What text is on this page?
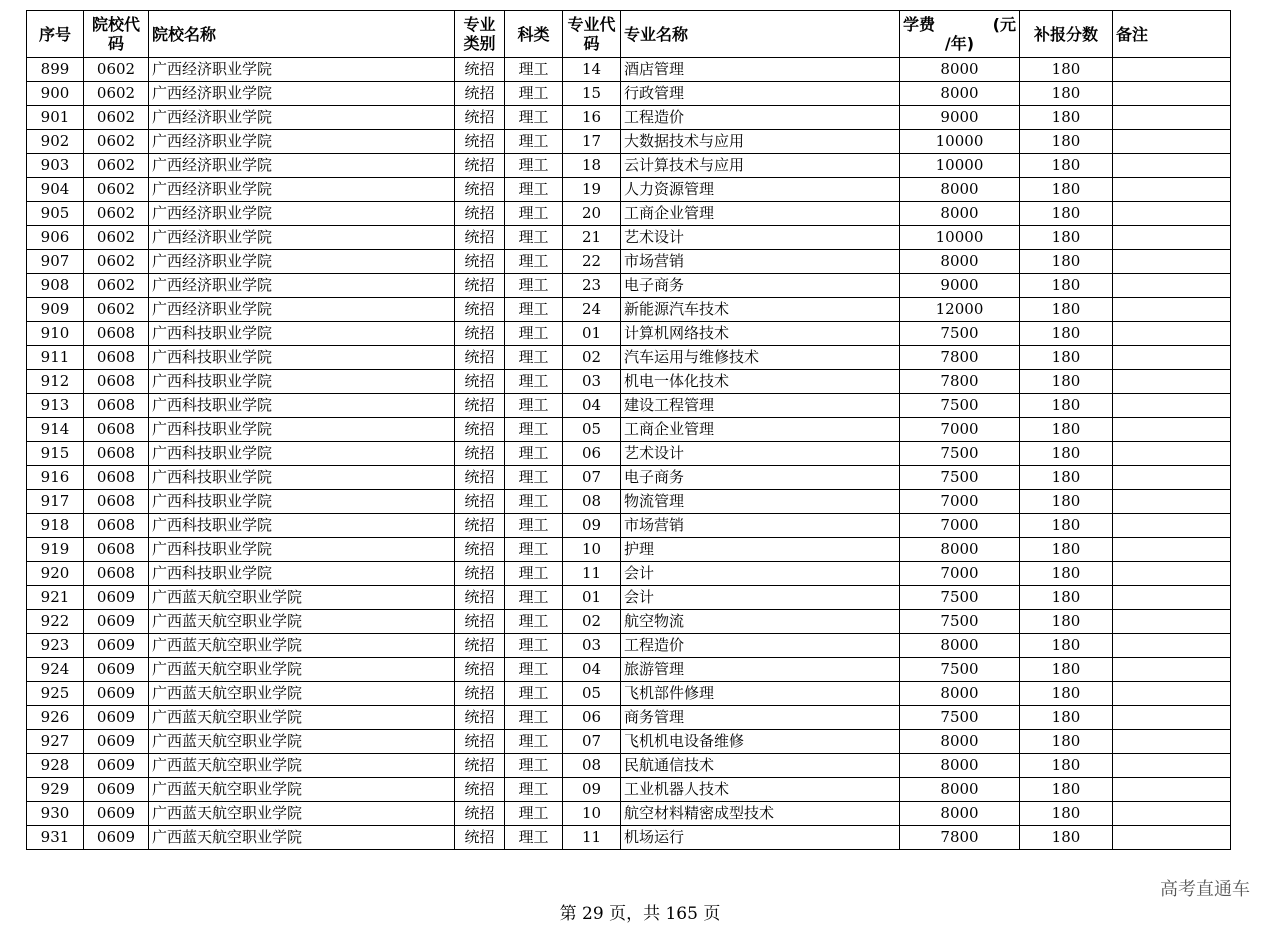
序号	院校代码	院校名称	专业类别	科类	专业代码	专业名称	学费 (元
/年)	补报分数	备注
899	0602	广西经济职业学院	统招	理工	14	酒店管理	8000	180	
900	0602	广西经济职业学院	统招	理工	15	行政管理	8000	180	
901	0602	广西经济职业学院	统招	理工	16	工程造价	9000	180	
902	0602	广西经济职业学院	统招	理工	17	大数据技术与应用	10000	180	
903	0602	广西经济职业学院	统招	理工	18	云计算技术与应用	10000	180	
904	0602	广西经济职业学院	统招	理工	19	人力资源管理	8000	180	
905	0602	广西经济职业学院	统招	理工	20	工商企业管理	8000	180	
906	0602	广西经济职业学院	统招	理工	21	艺术设计	10000	180	
907	0602	广西经济职业学院	统招	理工	22	市场营销	8000	180	
908	0602	广西经济职业学院	统招	理工	23	电子商务	9000	180	
909	0602	广西经济职业学院	统招	理工	24	新能源汽车技术	12000	180	
910	0608	广西科技职业学院	统招	理工	01	计算机网络技术	7500	180	
911	0608	广西科技职业学院	统招	理工	02	汽车运用与维修技术	7800	180	
912	0608	广西科技职业学院	统招	理工	03	机电一体化技术	7800	180	
913	0608	广西科技职业学院	统招	理工	04	建设工程管理	7500	180	
914	0608	广西科技职业学院	统招	理工	05	工商企业管理	7000	180	
915	0608	广西科技职业学院	统招	理工	06	艺术设计	7500	180	
916	0608	广西科技职业学院	统招	理工	07	电子商务	7500	180	
917	0608	广西科技职业学院	统招	理工	08	物流管理	7000	180	
918	0608	广西科技职业学院	统招	理工	09	市场营销	7000	180	
919	0608	广西科技职业学院	统招	理工	10	护理	8000	180	
920	0608	广西科技职业学院	统招	理工	11	会计	7000	180	
921	0609	广西蓝天航空职业学院	统招	理工	01	会计	7500	180	
922	0609	广西蓝天航空职业学院	统招	理工	02	航空物流	7500	180	
923	0609	广西蓝天航空职业学院	统招	理工	03	工程造价	8000	180	
924	0609	广西蓝天航空职业学院	统招	理工	04	旅游管理	7500	180	
925	0609	广西蓝天航空职业学院	统招	理工	05	飞机部件修理	8000	180	
926	0609	广西蓝天航空职业学院	统招	理工	06	商务管理	7500	180	
927	0609	广西蓝天航空职业学院	统招	理工	07	飞机机电设备维修	8000	180	
928	0609	广西蓝天航空职业学院	统招	理工	08	民航通信技术	8000	180	
929	0609	广西蓝天航空职业学院	统招	理工	09	工业机器人技术	8000	180	
930	0609	广西蓝天航空职业学院	统招	理工	10	航空材料精密成型技术	8000	180	
931	0609	广西蓝天航空职业学院	统招	理工	11	机场运行	7800	180	
高考直通车
第 29 页，共 165 页
